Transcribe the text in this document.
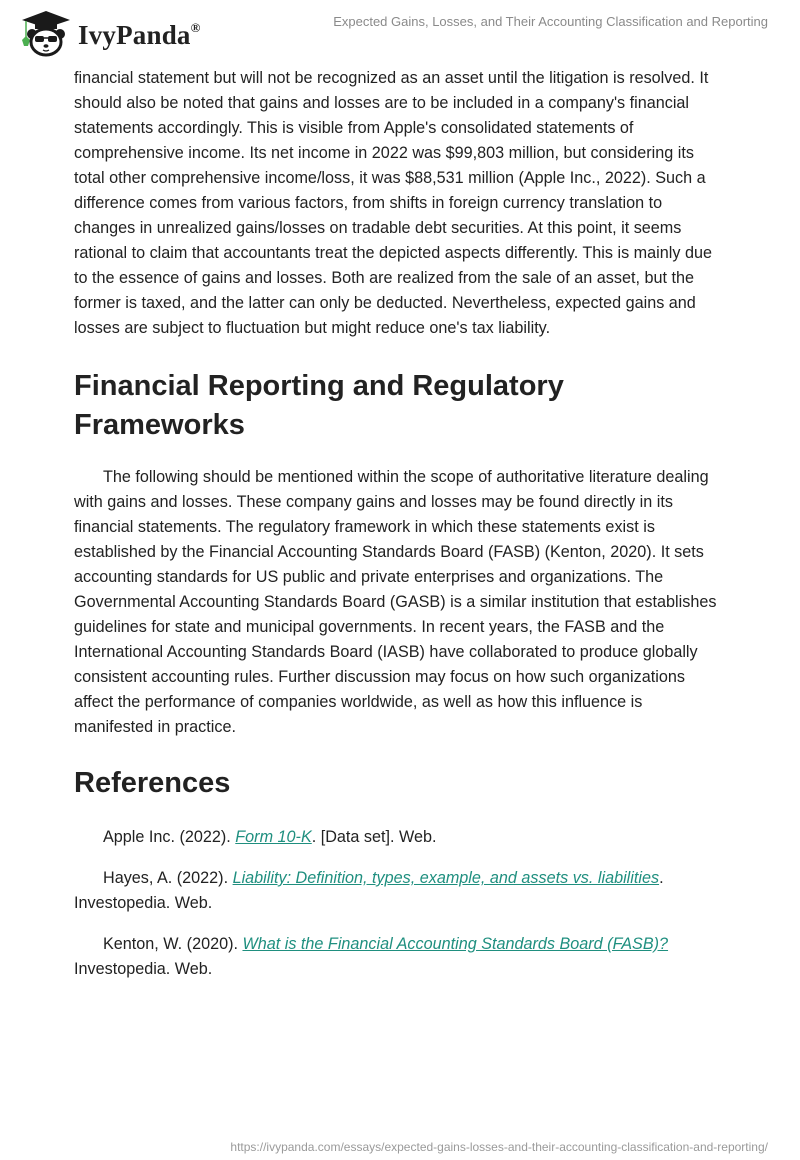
IvyPanda®	Expected Gains, Losses, and Their Accounting Classification and Reporting

financial statement but will not be recognized as an asset until the litigation is resolved. It should also be noted that gains and losses are to be included in a company's financial statements accordingly. This is visible from Apple's consolidated statements of comprehensive income. Its net income in 2022 was $99,803 million, but considering its total other comprehensive income/loss, it was $88,531 million (Apple Inc., 2022). Such a difference comes from various factors, from shifts in foreign currency translation to changes in unrealized gains/losses on tradable debt securities. At this point, it seems rational to claim that accountants treat the depicted aspects differently. This is mainly due to the essence of gains and losses. Both are realized from the sale of an asset, but the former is taxed, and the latter can only be deducted. Nevertheless, expected gains and losses are subject to fluctuation but might reduce one's tax liability.

Financial Reporting and Regulatory Frameworks

The following should be mentioned within the scope of authoritative literature dealing with gains and losses. These company gains and losses may be found directly in its financial statements. The regulatory framework in which these statements exist is established by the Financial Accounting Standards Board (FASB) (Kenton, 2020). It sets accounting standards for US public and private enterprises and organizations. The Governmental Accounting Standards Board (GASB) is a similar institution that establishes guidelines for state and municipal governments. In recent years, the FASB and the International Accounting Standards Board (IASB) have collaborated to produce globally consistent accounting rules. Further discussion may focus on how such organizations affect the performance of companies worldwide, as well as how this influence is manifested in practice.

References

Apple Inc. (2022). Form 10-K. [Data set]. Web.

Hayes, A. (2022). Liability: Definition, types, example, and assets vs. liabilities. Investopedia. Web.

Kenton, W. (2020). What is the Financial Accounting Standards Board (FASB)? Investopedia. Web.

https://ivypanda.com/essays/expected-gains-losses-and-their-accounting-classification-and-reporting/
